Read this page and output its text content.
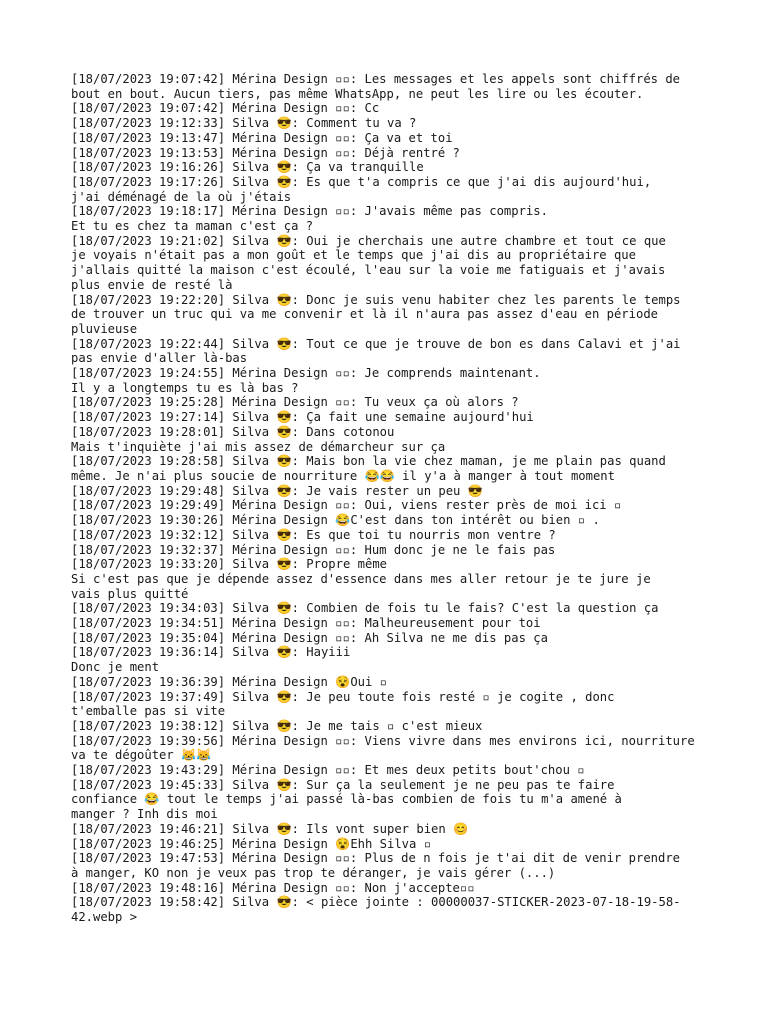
[18/07/2023 19:07:42] Mérina Design ▫▫: Les messages et les appels sont chiffrés de
bout en bout. Aucun tiers, pas même WhatsApp, ne peut les lire ou les écouter.
[18/07/2023 19:07:42] Mérina Design ▫▫: Cc
[18/07/2023 19:12:33] Silva 😎: Comment tu va ?
[18/07/2023 19:13:47] Mérina Design ▫▫: Ça va et toi
[18/07/2023 19:13:53] Mérina Design ▫▫: Déjà rentré ?
[18/07/2023 19:16:26] Silva 😎: Ça va tranquille
[18/07/2023 19:17:26] Silva 😎: Es que t'a compris ce que j'ai dis aujourd'hui,
j'ai déménagé de la où j'étais
[18/07/2023 19:18:17] Mérina Design ▫▫: J'avais même pas compris.
Et tu es chez ta maman c'est ça ?
[18/07/2023 19:21:02] Silva 😎: Oui je cherchais une autre chambre et tout ce que
je voyais n'était pas a mon goût et le temps que j'ai dis au propriétaire que
j'allais quitté la maison c'est écoulé, l'eau sur la voie me fatiguais et j'avais
plus envie de resté là
[18/07/2023 19:22:20] Silva 😎: Donc je suis venu habiter chez les parents le temps
de trouver un truc qui va me convenir et là il n'aura pas assez d'eau en période
pluvieuse
[18/07/2023 19:22:44] Silva 😎: Tout ce que je trouve de bon es dans Calavi et j'ai
pas envie d'aller là-bas
[18/07/2023 19:24:55] Mérina Design ▫▫: Je comprends maintenant.
Il y a longtemps tu es là bas ?
[18/07/2023 19:25:28] Mérina Design ▫▫: Tu veux ça où alors ?
[18/07/2023 19:27:14] Silva 😎: Ça fait une semaine aujourd'hui
[18/07/2023 19:28:01] Silva 😎: Dans cotonou
Mais t'inquiète j'ai mis assez de démarcheur sur ça
[18/07/2023 19:28:58] Silva 😎: Mais bon la vie chez maman, je me plain pas quand
même. Je n'ai plus soucie de nourriture 😂😂 il y'a à manger à tout moment
[18/07/2023 19:29:48] Silva 😎: Je vais rester un peu 😎
[18/07/2023 19:29:49] Mérina Design ▫▫: Oui, viens rester près de moi ici ▫
[18/07/2023 19:30:26] Mérina Design 😂C'est dans ton intérêt ou bien ▫ .
[18/07/2023 19:32:12] Silva 😎: Es que toi tu nourris mon ventre ?
[18/07/2023 19:32:37] Mérina Design ▫▫: Hum donc je ne le fais pas
[18/07/2023 19:33:20] Silva 😎: Propre même
Si c'est pas que je dépende assez d'essence dans mes aller retour je te jure je
vais plus quitté
[18/07/2023 19:34:03] Silva 😎: Combien de fois tu le fais? C'est la question ça
[18/07/2023 19:34:51] Mérina Design ▫▫: Malheureusement pour toi
[18/07/2023 19:35:04] Mérina Design ▫▫: Ah Silva ne me dis pas ça
[18/07/2023 19:36:14] Silva 😎: Hayiii
Donc je ment
[18/07/2023 19:36:39] Mérina Design 😵Oui ▫
[18/07/2023 19:37:49] Silva 😎: Je peu toute fois resté ▫ je cogite , donc
t'emballe pas si vite
[18/07/2023 19:38:12] Silva 😎: Je me tais ▫ c'est mieux
[18/07/2023 19:39:56] Mérina Design ▫▫: Viens vivre dans mes environs ici, nourriture
va te dégoûter 😹😹
[18/07/2023 19:43:29] Mérina Design ▫▫: Et mes deux petits bout'chou ▫
[18/07/2023 19:45:33] Silva 😎: Sur ça la seulement je ne peu pas te faire
confiance 😂 tout le temps j'ai passé là-bas combien de fois tu m'a amené à
manger ? Inh dis moi
[18/07/2023 19:46:21] Silva 😎: Ils vont super bien 😊
[18/07/2023 19:46:25] Mérina Design 😵Ehh Silva ▫
[18/07/2023 19:47:53] Mérina Design ▫▫: Plus de n fois je t'ai dit de venir prendre
à manger, KO non je veux pas trop te déranger, je vais gérer (...)
[18/07/2023 19:48:16] Mérina Design ▫▫: Non j'accepte▫▫
[18/07/2023 19:58:42] Silva 😎: < pièce jointe : 00000037-STICKER-2023-07-18-19-58-
42.webp >
